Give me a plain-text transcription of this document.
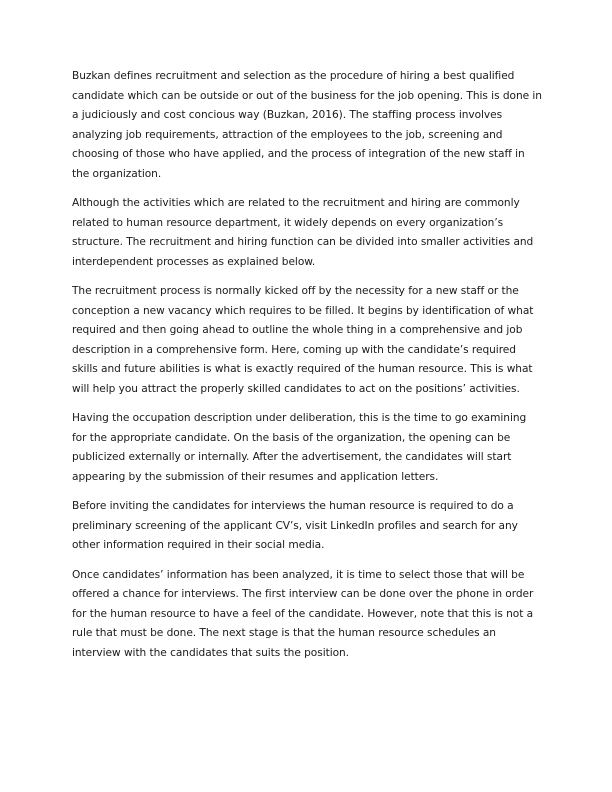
Buzkan defines recruitment and selection as the procedure of hiring a best qualified candidate which can be outside or out of the business for the job opening. This is done in a judiciously and cost concious way (Buzkan, 2016). The staffing process involves analyzing job requirements, attraction of the employees to the job, screening and choosing of those who have applied, and the process of integration of the new staff in the organization.

Although the activities which are related to the recruitment and hiring are commonly related to human resource department, it widely depends on every organization’s structure. The recruitment and hiring function can be divided into smaller activities and interdependent processes as explained below.

The recruitment process is normally kicked off by the necessity for a new staff or the conception a new vacancy which requires to be filled. It begins by identification of what required and then going ahead to outline the whole thing in a comprehensive and job description in a comprehensive form. Here, coming up with the candidate’s required skills and future abilities is what is exactly required of the human resource. This is what will help you attract the properly skilled candidates to act on the positions’ activities.

Having the occupation description under deliberation, this is the time to go examining for the appropriate candidate. On the basis of the organization, the opening can be publicized externally or internally. After the advertisement, the candidates will start appearing by the submission of their resumes and application letters.

Before inviting the candidates for interviews the human resource is required to do a preliminary screening of the applicant CV’s, visit LinkedIn profiles and search for any other information required in their social media.

Once candidates’ information has been analyzed, it is time to select those that will be offered a chance for interviews. The first interview can be done over the phone in order for the human resource to have a feel of the candidate. However, note that this is not a rule that must be done. The next stage is that the human resource schedules an interview with the candidates that suits the position.
